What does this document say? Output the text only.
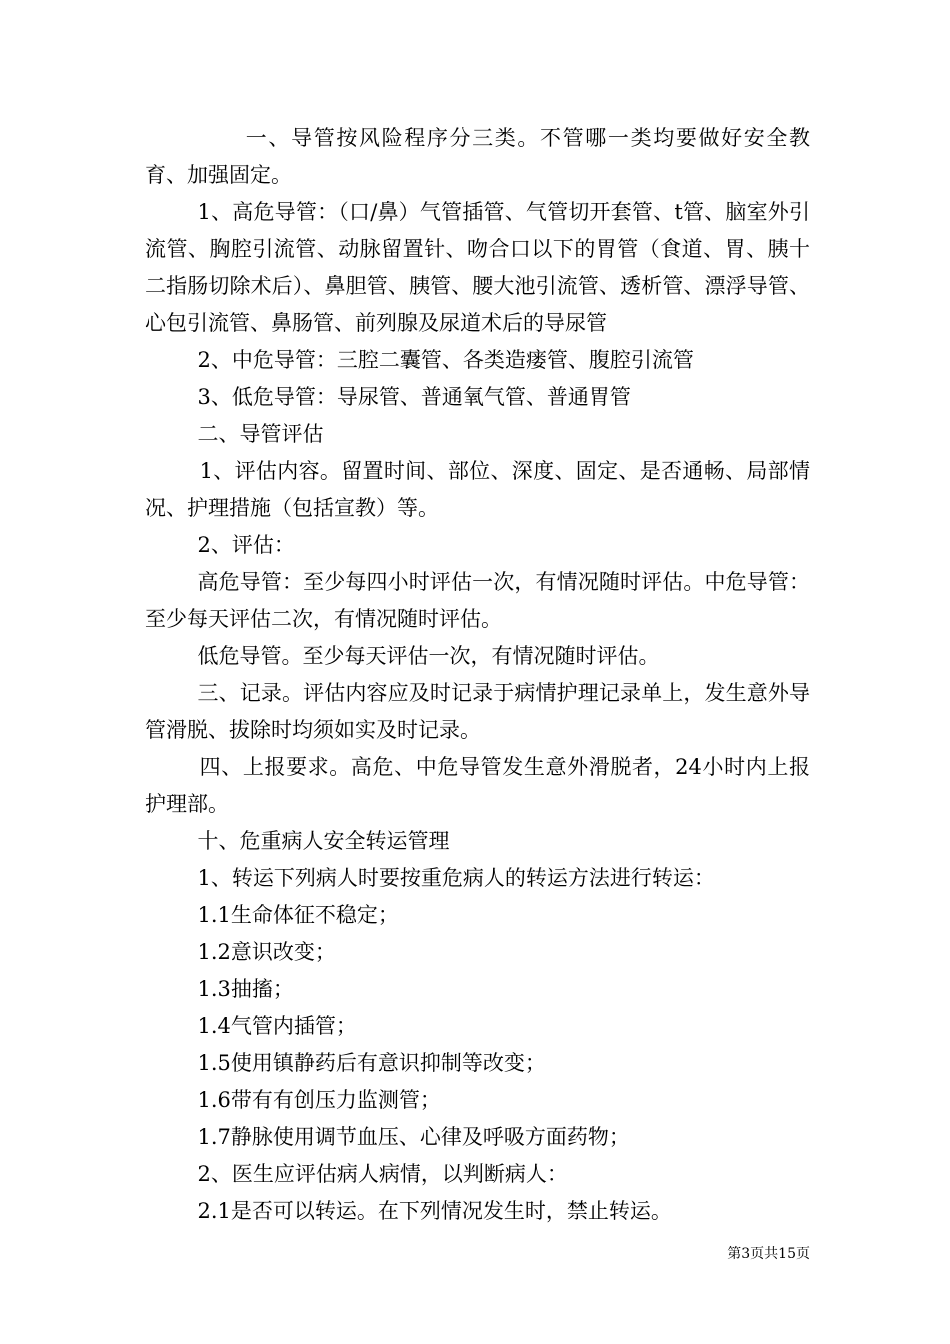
一、导管按风险程序分三类。不管哪一类均要做好安全教育、加强固定。

1、高危导管：（口/鼻）气管插管、气管切开套管、t管、脑室外引流管、胸腔引流管、动脉留置针、吻合口以下的胃管（食道、胃、胰十二指肠切除术后）、鼻胆管、胰管、腰大池引流管、透析管、漂浮导管、心包引流管、鼻肠管、前列腺及尿道术后的导尿管

2、中危导管：三腔二囊管、各类造瘘管、腹腔引流管

3、低危导管：导尿管、普通氧气管、普通胃管

二、导管评估

1、评估内容。留置时间、部位、深度、固定、是否通畅、局部情况、护理措施（包括宣教）等。

2、评估：

高危导管：至少每四小时评估一次，有情况随时评估。中危导管：至少每天评估二次，有情况随时评估。

低危导管。至少每天评估一次，有情况随时评估。

三、记录。评估内容应及时记录于病情护理记录单上，发生意外导管滑脱、拔除时均须如实及时记录。

四、上报要求。高危、中危导管发生意外滑脱者，24小时内上报护理部。

十、危重病人安全转运管理

1、转运下列病人时要按重危病人的转运方法进行转运：

1.1生命体征不稳定；

1.2意识改变；

1.3抽搐；

1.4气管内插管；

1.5使用镇静药后有意识抑制等改变；

1.6带有有创压力监测管；

1.7静脉使用调节血压、心律及呼吸方面药物；

2、医生应评估病人病情，以判断病人：

2.1是否可以转运。在下列情况发生时，禁止转运。

第3页共15页
